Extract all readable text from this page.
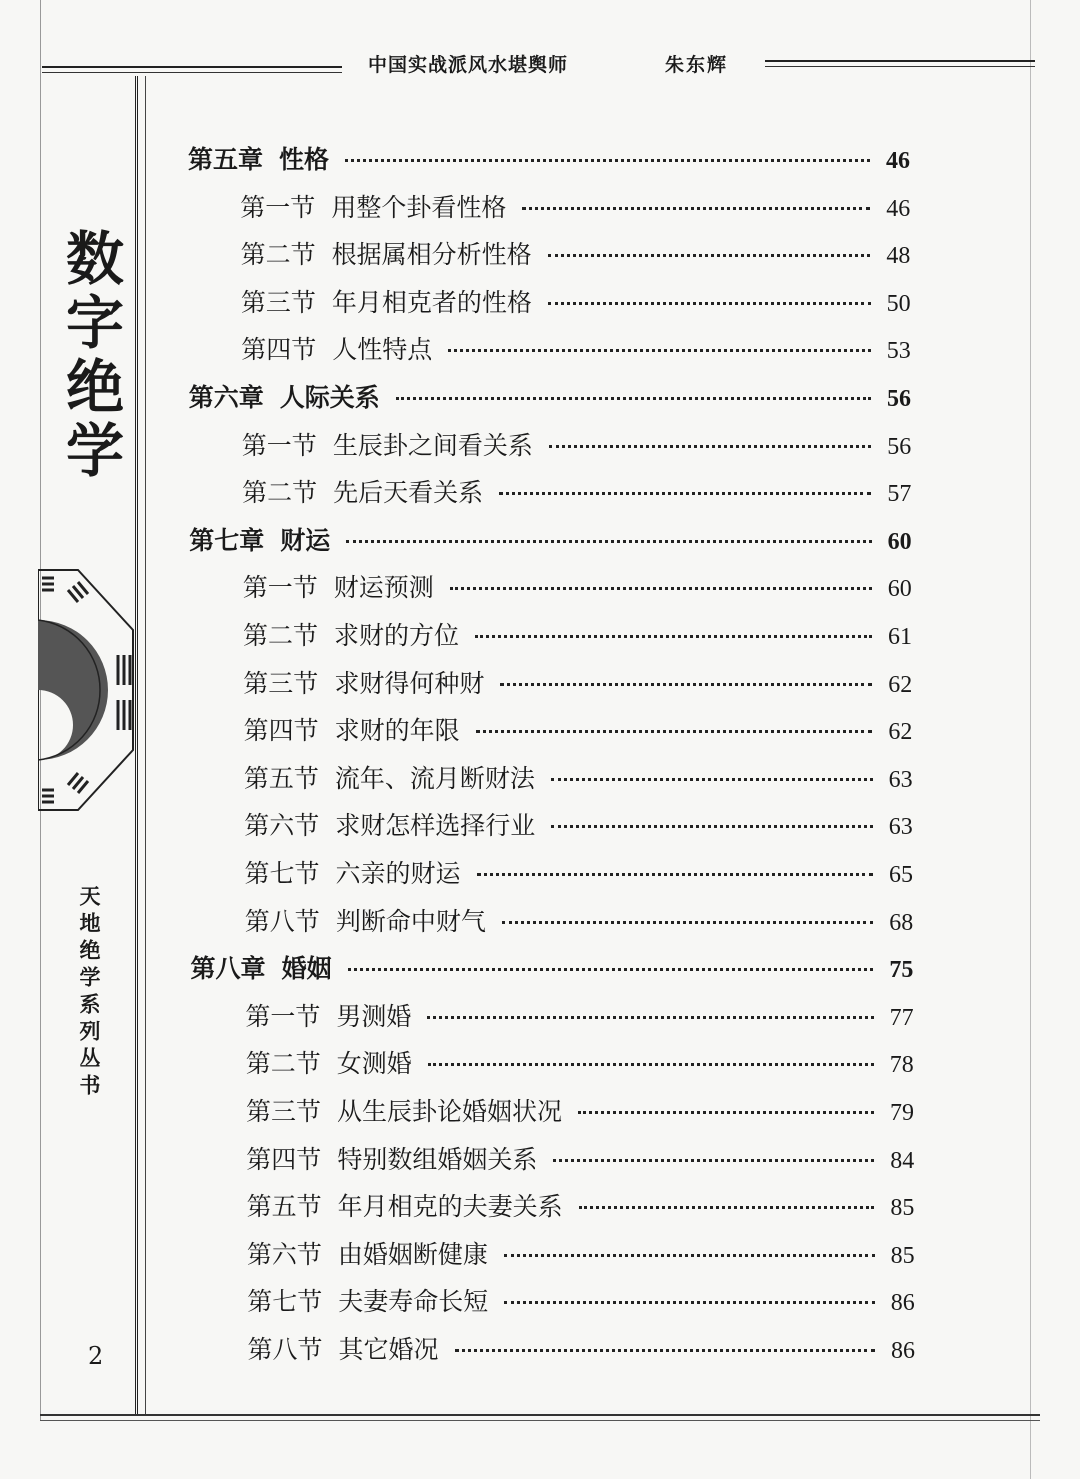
中国实战派风水堪舆师	朱东辉
数字绝学
天地绝学系列丛书
2
第五章 性格	46
第一节 用整个卦看性格	46
第二节 根据属相分析性格	48
第三节 年月相克者的性格	50
第四节 人性特点	53
第六章 人际关系	56
第一节 生辰卦之间看关系	56
第二节 先后天看关系	57
第七章 财运	60
第一节 财运预测	60
第二节 求财的方位	61
第三节 求财得何种财	62
第四节 求财的年限	62
第五节 流年、流月断财法	63
第六节 求财怎样选择行业	63
第七节 六亲的财运	65
第八节 判断命中财气	68
第八章 婚姻	75
第一节 男测婚	77
第二节 女测婚	78
第三节 从生辰卦论婚姻状况	79
第四节 特别数组婚姻关系	84
第五节 年月相克的夫妻关系	85
第六节 由婚姻断健康	85
第七节 夫妻寿命长短	86
第八节 其它婚况	86
